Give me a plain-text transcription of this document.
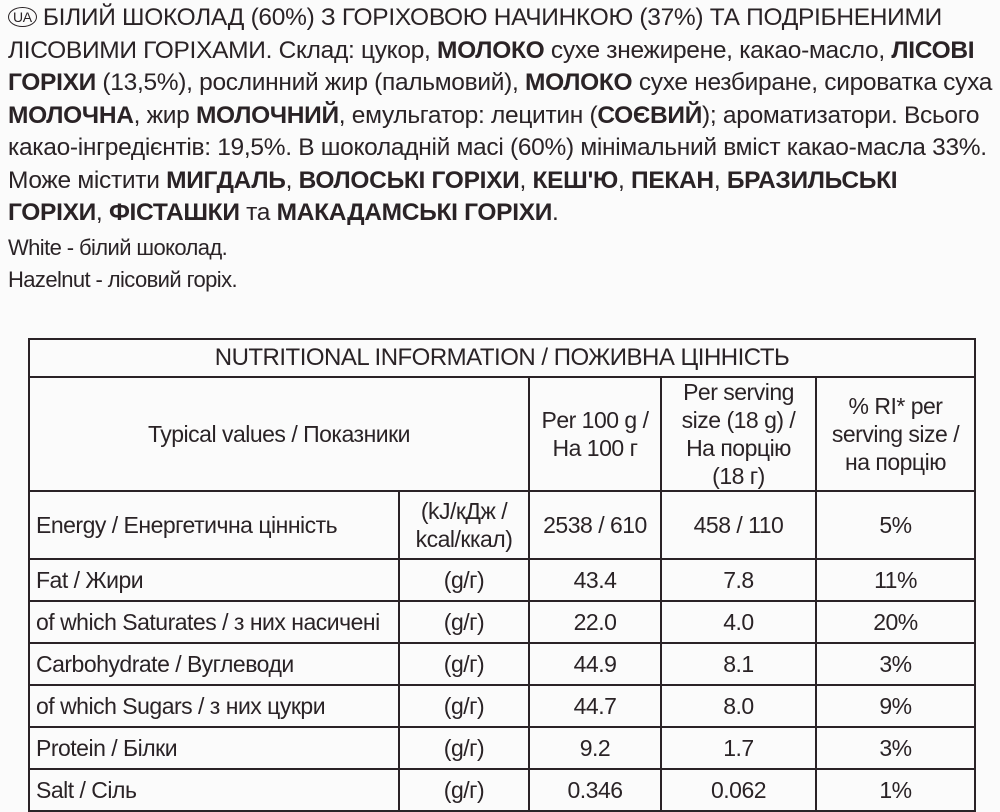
UA БІЛИЙ ШОКОЛАД (60%) З ГОРІХОВОЮ НАЧИНКОЮ (37%) ТА ПОДРІБНЕНИМИ ЛІСОВИМИ ГОРІХАМИ. Склад: цукор, МОЛОКО сухе знежирене, какао-масло, ЛІСОВІ ГОРІХИ (13,5%), рослинний жир (пальмовий), МОЛОКО сухе незбиране, сироватка суха МОЛОЧНА, жир МОЛОЧНИЙ, емульгатор: лецитин (СОЄВИЙ); ароматизатори. Всього какао-інгредієнтів: 19,5%. В шоколадній масі (60%) мінімальний вміст какао-масла 33%. Може містити МИГДАЛЬ, ВОЛОСЬКІ ГОРІХИ, КЕШ'Ю, ПЕКАН, БРАЗИЛЬСЬКІ ГОРІХИ, ФІСТАШКИ та МАКАДАМСЬКІ ГОРІХИ.
White - білий шоколад.
Hazelnut - лісовий горіх.
NUTRITIONAL INFORMATION / ПОЖИВНА ЦІННІСТЬ				
Typical values / Показники		Per 100 g / На 100 г	Per serving size (18 g) / На порцію (18 г)	% RI* per serving size / на порцію
Energy / Енергетична цінність	(kJ/кДж / kcal/ккал)	2538 / 610	458 / 110	5%
Fat / Жири	(g/г)	43.4	7.8	11%
of which Saturates / з них насичені	(g/г)	22.0	4.0	20%
Carbohydrate / Вуглеводи	(g/г)	44.9	8.1	3%
of which Sugars / з них цукри	(g/г)	44.7	8.0	9%
Protein / Білки	(g/г)	9.2	1.7	3%
Salt / Сіль	(g/г)	0.346	0.062	1%
